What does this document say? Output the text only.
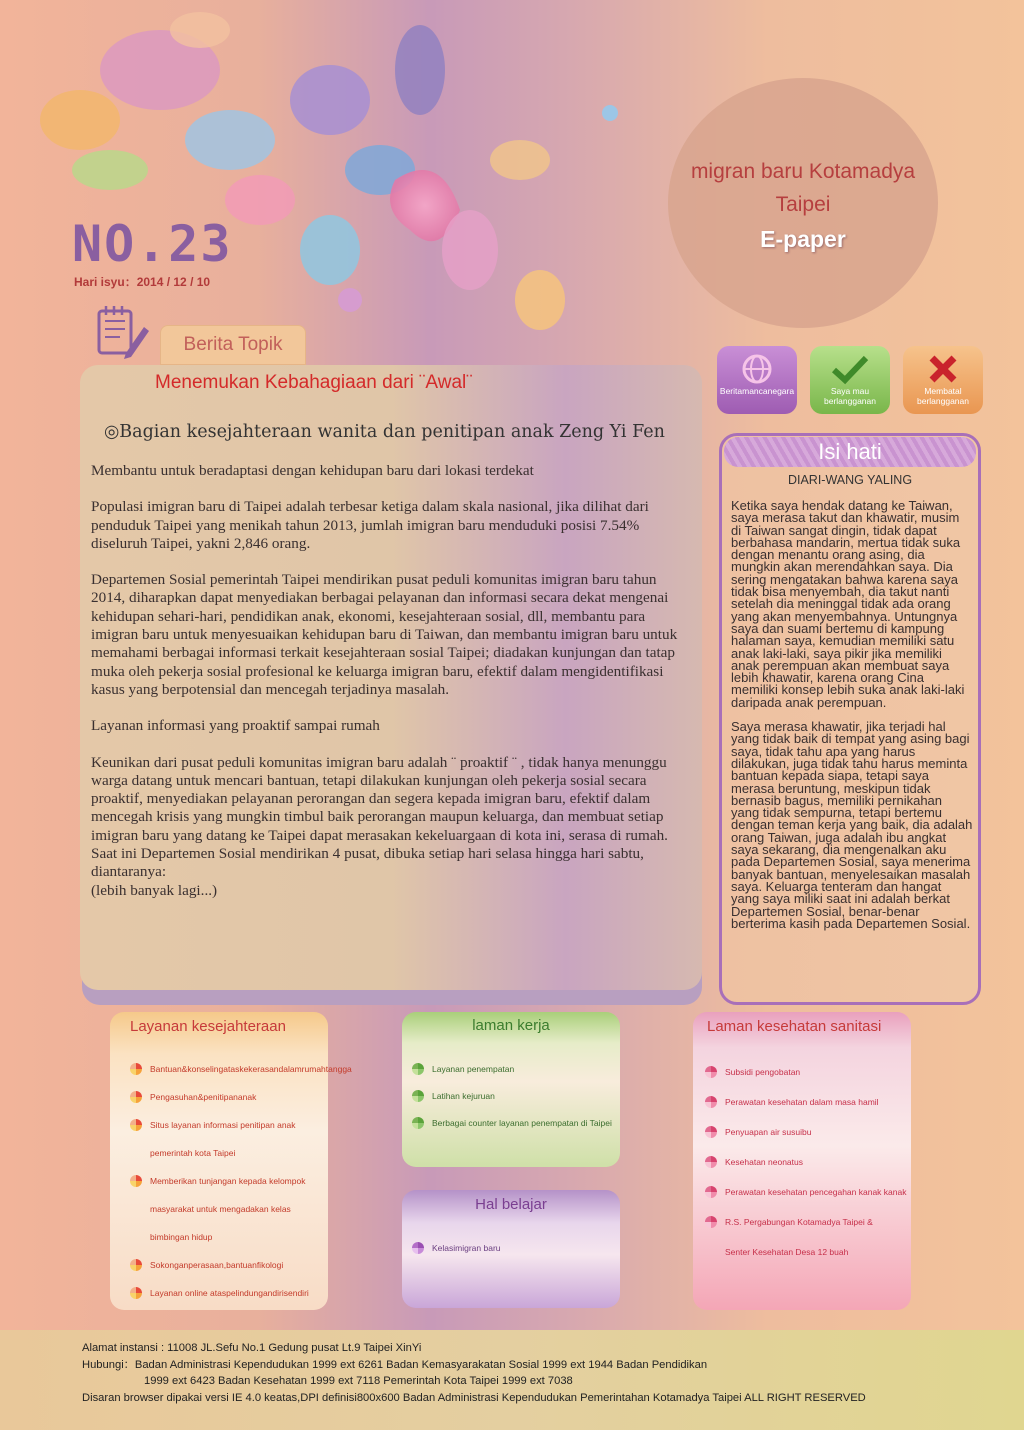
NO.23
Hari isyu：2014 / 12 / 10
migran baru Kotamadya
Taipei
E-paper
Berita Topik
Menemukan Kebahagiaan dari ¨Awal¨
◎Bagian kesejahteraan wanita dan penitipan anak Zeng Yi Fen

Membantu untuk beradaptasi dengan kehidupan baru dari lokasi terdekat

Populasi imigran baru di Taipei adalah terbesar ketiga dalam skala nasional, jika dilihat dari penduduk Taipei yang menikah tahun 2013, jumlah imigran baru menduduki posisi 7.54% diseluruh Taipei, yakni 2,846 orang.

Departemen Sosial pemerintah Taipei mendirikan pusat peduli komunitas imigran baru tahun 2014, diharapkan dapat menyediakan berbagai pelayanan dan informasi secara dekat mengenai kehidupan sehari-hari, pendidikan anak, ekonomi, kesejahteraan sosial, dll, membantu para imigran baru untuk menyesuaikan kehidupan baru di Taiwan, dan membantu imigran baru untuk memahami berbagai informasi terkait kesejahteraan sosial Taipei; diadakan kunjungan dan tatap muka oleh pekerja sosial profesional ke keluarga imigran baru, efektif dalam mengidentifikasi kasus yang berpotensial dan mencegah terjadinya masalah.

Layanan informasi yang proaktif sampai rumah

Keunikan dari pusat peduli komunitas imigran baru adalah ¨ proaktif ¨ , tidak hanya menunggu warga datang untuk mencari bantuan, tetapi dilakukan kunjungan oleh pekerja sosial secara proaktif, menyediakan pelayanan perorangan dan segera kepada imigran baru, efektif dalam mencegah krisis yang mungkin timbul baik perorangan maupun keluarga, dan membuat setiap imigran baru yang datang ke Taipei dapat merasakan kekeluargaan di kota ini, serasa di rumah.

Saat ini Departemen Sosial mendirikan 4 pusat, dibuka setiap hari selasa hingga hari sabtu, diantaranya:

(lebih banyak lagi...)

Beritamancanegara	Saya mau berlangganan
Membatal berlangganan
Isi hati
DIARI-WANG YALING

Ketika saya hendak datang ke Taiwan, saya merasa takut dan khawatir, musim di Taiwan sangat dingin, tidak dapat berbahasa mandarin, mertua tidak suka dengan menantu orang asing, dia mungkin akan merendahkan saya. Dia sering mengatakan bahwa karena saya tidak bisa menyembah, dia takut nanti setelah dia meninggal tidak ada orang yang akan menyembahnya. Untungnya saya dan suami bertemu di kampung halaman saya, kemudian memiliki satu anak laki-laki, saya pikir jika memiliki anak perempuan akan membuat saya lebih khawatir, karena orang Cina memiliki konsep lebih suka anak laki-laki daripada anak perempuan.

Saya merasa khawatir, jika terjadi hal yang tidak baik di tempat yang asing bagi saya, tidak tahu apa yang harus dilakukan, juga tidak tahu harus meminta bantuan kepada siapa, tetapi saya merasa beruntung, meskipun tidak bernasib bagus, memiliki pernikahan yang tidak sempurna, tetapi bertemu dengan teman kerja yang baik, dia adalah orang Taiwan, juga adalah ibu angkat saya sekarang, dia mengenalkan aku pada Departemen Sosial, saya menerima banyak bantuan, menyelesaikan masalah saya. Keluarga tenteram dan hangat yang saya miliki saat ini adalah berkat Departemen Sosial, benar-benar berterima kasih pada Departemen Sosial.

Layanan kesejahteraan
Bantuan&konselingataskekerasandalamrumahtangga
Pengasuhan&penitipananak
Situs layanan informasi penitipan anak
pemerintah kota Taipei
Memberikan tunjangan kepada kelompok
masyarakat untuk mengadakan kelas
bimbingan hidup
Sokonganperasaan,bantuanfikologi
Layanan online ataspelindungandirisendiri
laman kerja
Layanan penempatan
Latihan kejuruan
Berbagai counter layanan penempatan di Taipei
Hal belajar
Kelasimigran baru
Laman kesehatan sanitasi
Subsidi pengobatan
Perawatan kesehatan dalam masa hamil
Penyuapan air susuibu
Kesehatan neonatus
Perawatan kesehatan pencegahan kanak kanak
R.S. Pergabungan Kotamadya Taipei &
Senter Kesehatan Desa 12 buah
Alamat instansi : 11008 JL.Sefu No.1 Gedung pusat Lt.9 Taipei XinYi
Hubungi：Badan Administrasi Kependudukan 1999 ext 6261 Badan Kemasyarakatan Sosial 1999 ext 1944 Badan Pendidikan
1999 ext 6423 Badan Kesehatan 1999 ext 7118 Pemerintah Kota Taipei 1999 ext 7038
Disaran browser dipakai versi IE 4.0 keatas,DPI definisi800x600 Badan Administrasi Kependudukan Pemerintahan Kotamadya Taipei ALL RIGHT RESERVED
